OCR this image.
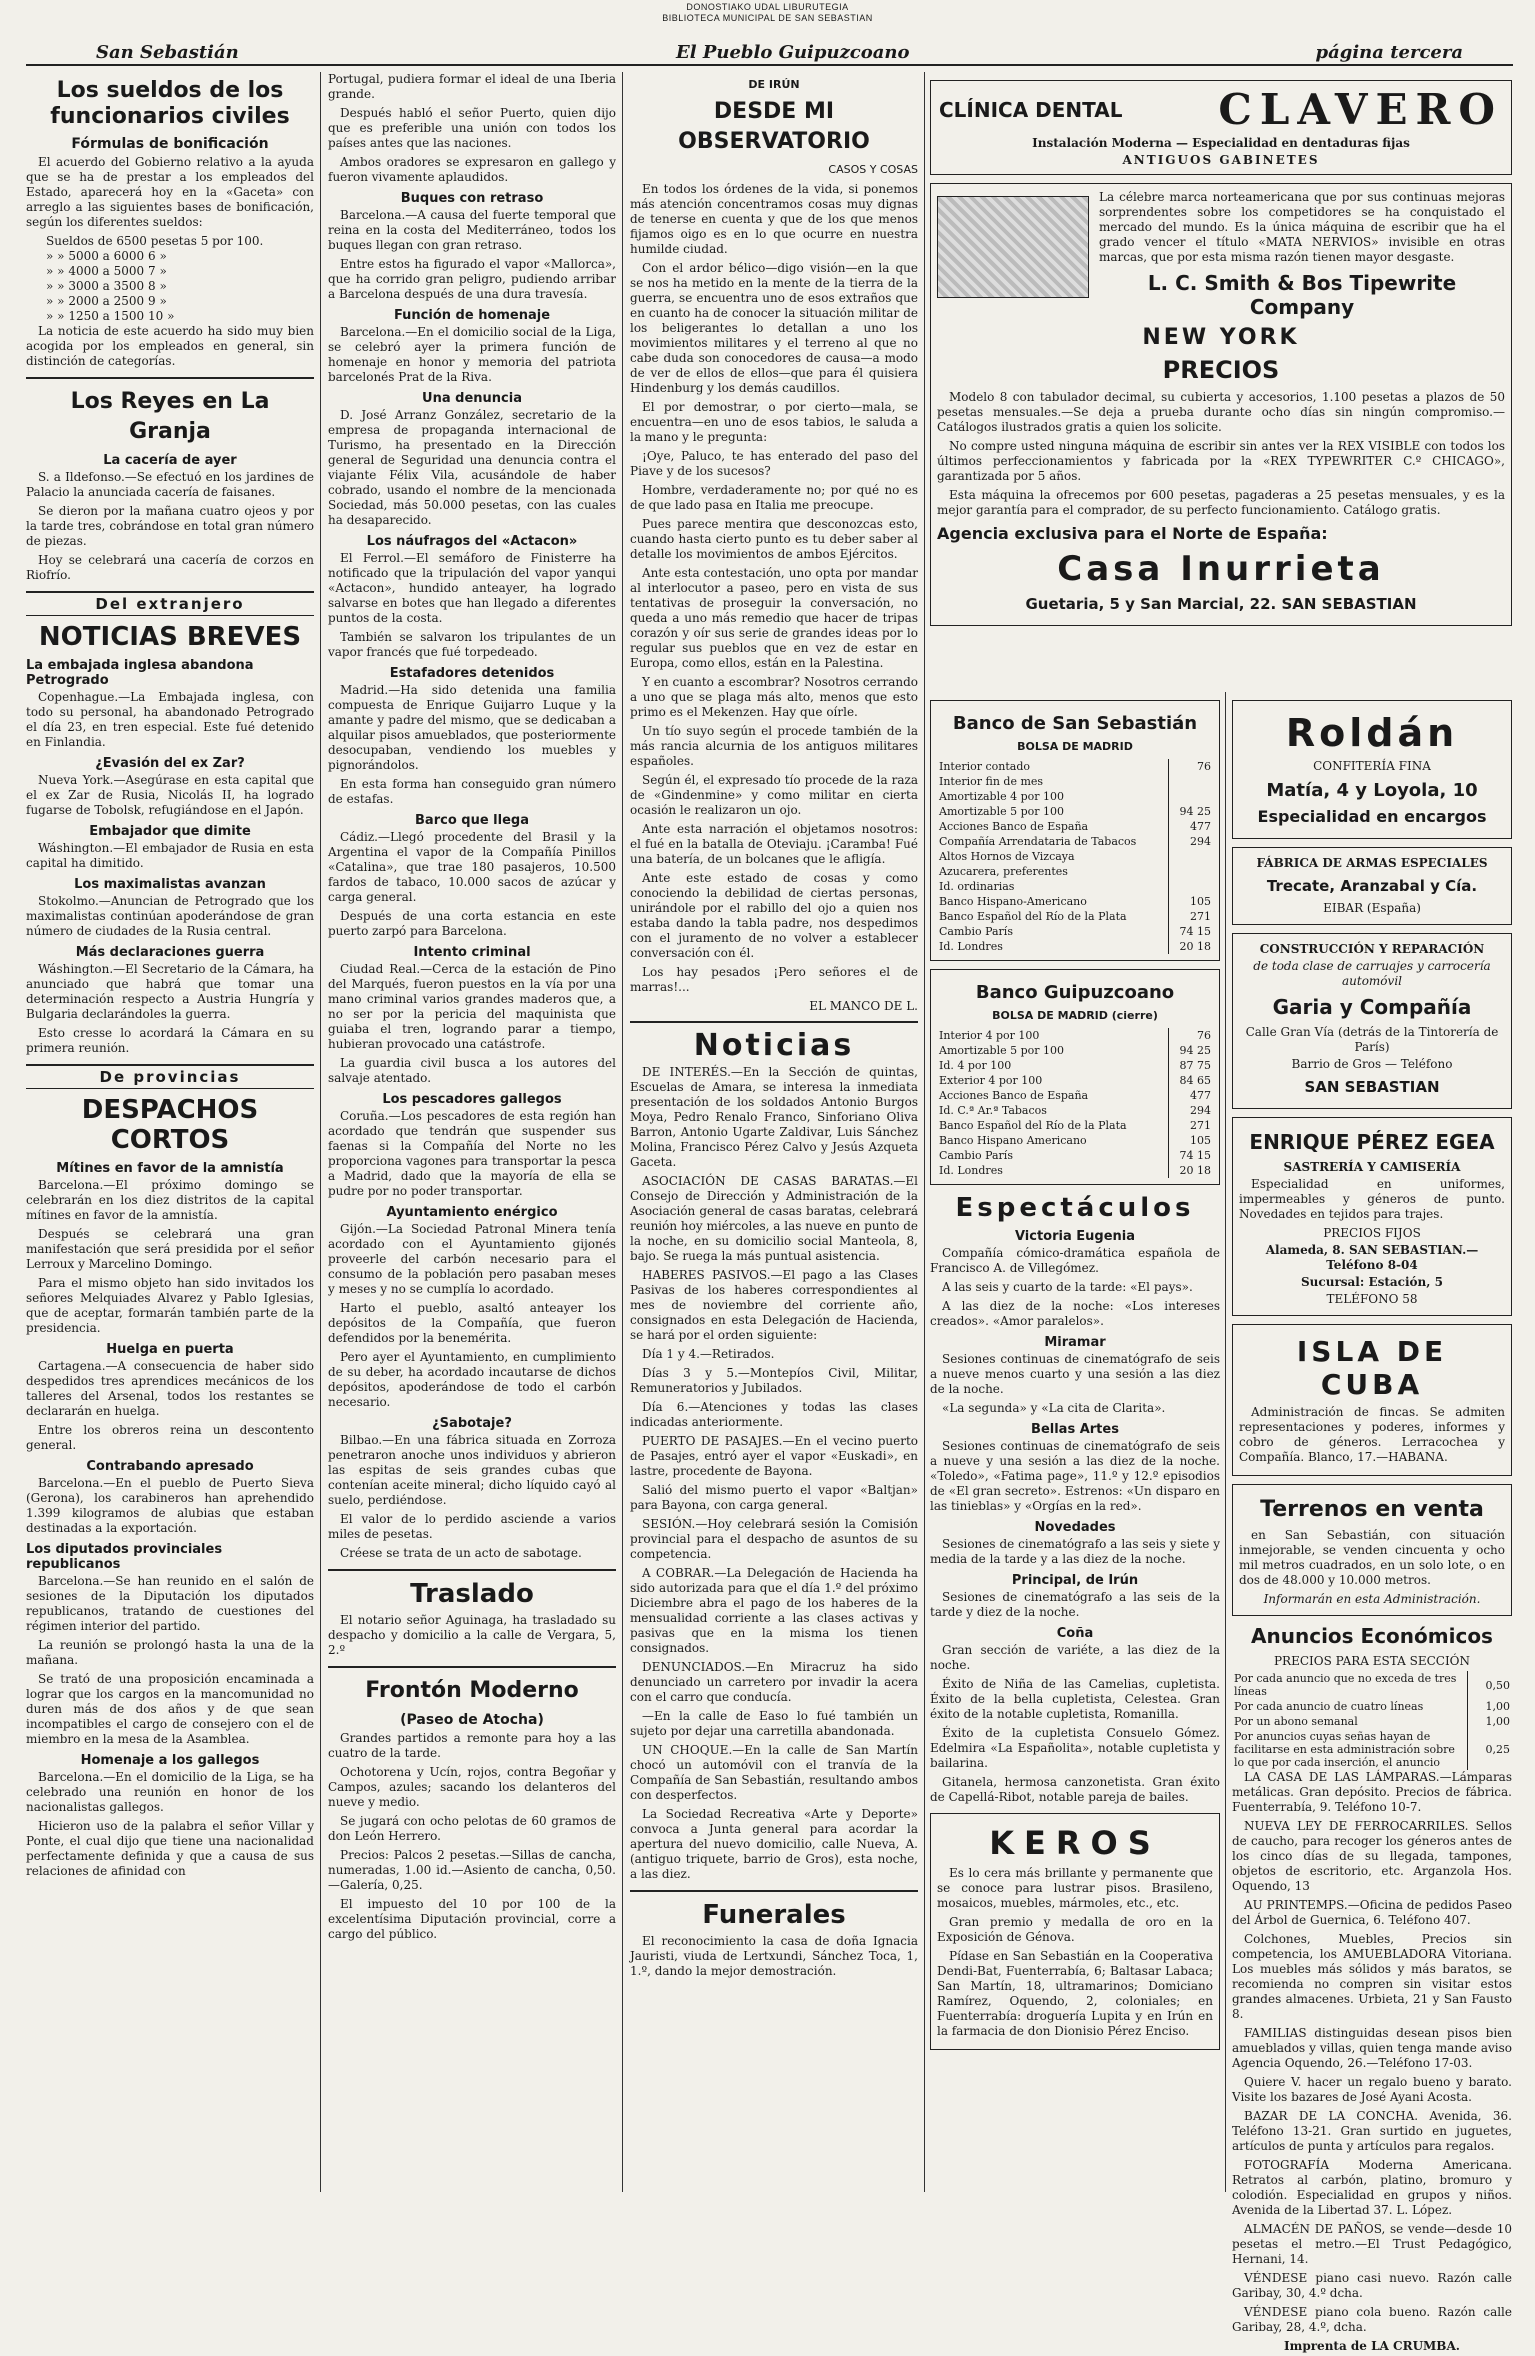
DONOSTIAKO UDAL LIBURUTEGIA
BIBLIOTECA MUNICIPAL DE SAN SEBASTIAN
San Sebastián	El Pueblo Guipuzcoano	página tercera
Los sueldos de los funcionarios civiles
Fórmulas de bonificación

El acuerdo del Gobierno relativo a la ayuda que se ha de prestar a los empleados del Estado, aparecerá hoy en la «Gaceta» con arreglo a las siguientes bases de bonificación, según los diferentes sueldos:

Sueldos de 6500 pesetas 5 por 100.
» » 5000 a 6000 6 »
» » 4000 a 5000 7 »
» » 3000 a 3500 8 »
» » 2000 a 2500 9 »
» » 1250 a 1500 10 »

La noticia de este acuerdo ha sido muy bien acogida por los empleados en general, sin distinción de categorías.

Los Reyes en La Granja
La cacería de ayer

S. a Ildefonso.—Se efectuó en los jardines de Palacio la anunciada cacería de faisanes.

Se dieron por la mañana cuatro ojeos y por la tarde tres, cobrándose en total gran número de piezas.

Hoy se celebrará una cacería de corzos en Riofrío.

Del extranjero
NOTICIAS BREVES
La embajada inglesa abandona Petrogrado

Copenhague.—La Embajada inglesa, con todo su personal, ha abandonado Petrogrado el día 23, en tren especial. Este fué detenido en Finlandia.

¿Evasión del ex Zar?

Nueva York.—Asegúrase en esta capital que el ex Zar de Rusia, Nicolás II, ha logrado fugarse de Tobolsk, refugiándose en el Japón.

Embajador que dimite

Wáshington.—El embajador de Rusia en esta capital ha dimitido.

Los maximalistas avanzan

Stokolmo.—Anuncian de Petrogrado que los maximalistas continúan apoderándose de gran número de ciudades de la Rusia central.

Más declaraciones guerra

Wáshington.—El Secretario de la Cámara, ha anunciado que habrá que tomar una determinación respecto a Austria Hungría y Bulgaria declarándoles la guerra.

Esto cresse lo acordará la Cámara en su primera reunión.

De provincias
DESPACHOS CORTOS
Mítines en favor de la amnistía

Barcelona.—El próximo domingo se celebrarán en los diez distritos de la capital mítines en favor de la amnistía.

Después se celebrará una gran manifestación que será presidida por el señor Lerroux y Marcelino Domingo.

Para el mismo objeto han sido invitados los señores Melquiades Alvarez y Pablo Iglesias, que de aceptar, formarán también parte de la presidencia.

Huelga en puerta

Cartagena.—A consecuencia de haber sido despedidos tres aprendices mecánicos de los talleres del Arsenal, todos los restantes se declararán en huelga.

Entre los obreros reina un descontento general.

Contrabando apresado

Barcelona.—En el pueblo de Puerto Sieva (Gerona), los carabineros han aprehendido 1.399 kilogramos de alubias que estaban destinadas a la exportación.

Los diputados provinciales republicanos

Barcelona.—Se han reunido en el salón de sesiones de la Diputación los diputados republicanos, tratando de cuestiones del régimen interior del partido.

La reunión se prolongó hasta la una de la mañana.

Se trató de una proposición encaminada a lograr que los cargos en la mancomunidad no duren más de dos años y de que sean incompatibles el cargo de consejero con el de miembro en la mesa de la Asamblea.

Homenaje a los gallegos

Barcelona.—En el domicilio de la Liga, se ha celebrado una reunión en honor de los nacionalistas gallegos.

Hicieron uso de la palabra el señor Villar y Ponte, el cual dijo que tiene una nacionalidad perfectamente definida y que a causa de sus relaciones de afinidad con

Portugal, pudiera formar el ideal de una Iberia grande.

Después habló el señor Puerto, quien dijo que es preferible una unión con todos los países antes que las naciones.

Ambos oradores se expresaron en gallego y fueron vivamente aplaudidos.

Buques con retraso

Barcelona.—A causa del fuerte temporal que reina en la costa del Mediterráneo, todos los buques llegan con gran retraso.

Entre estos ha figurado el vapor «Mallorca», que ha corrido gran peligro, pudiendo arribar a Barcelona después de una dura travesía.

Función de homenaje

Barcelona.—En el domicilio social de la Liga, se celebró ayer la primera función de homenaje en honor y memoria del patriota barcelonés Prat de la Riva.

Una denuncia

D. José Arranz González, secretario de la empresa de propaganda internacional de Turismo, ha presentado en la Dirección general de Seguridad una denuncia contra el viajante Félix Vila, acusándole de haber cobrado, usando el nombre de la mencionada Sociedad, más 50.000 pesetas, con las cuales ha desaparecido.

Los náufragos del «Actacon»

El Ferrol.—El semáforo de Finisterre ha notificado que la tripulación del vapor yanqui «Actacon», hundido anteayer, ha logrado salvarse en botes que han llegado a diferentes puntos de la costa.

También se salvaron los tripulantes de un vapor francés que fué torpedeado.

Estafadores detenidos

Madrid.—Ha sido detenida una familia compuesta de Enrique Guijarro Luque y la amante y padre del mismo, que se dedicaban a alquilar pisos amueblados, que posteriormente desocupaban, vendiendo los muebles y pignorándolos.

En esta forma han conseguido gran número de estafas.

Barco que llega

Cádiz.—Llegó procedente del Brasil y la Argentina el vapor de la Compañía Pinillos «Catalina», que trae 180 pasajeros, 10.500 fardos de tabaco, 10.000 sacos de azúcar y carga general.

Después de una corta estancia en este puerto zarpó para Barcelona.

Intento criminal

Ciudad Real.—Cerca de la estación de Pino del Marqués, fueron puestos en la vía por una mano criminal varios grandes maderos que, a no ser por la pericia del maquinista que guiaba el tren, logrando parar a tiempo, hubieran provocado una catástrofe.

La guardia civil busca a los autores del salvaje atentado.

Los pescadores gallegos

Coruña.—Los pescadores de esta región han acordado que tendrán que suspender sus faenas si la Compañía del Norte no les proporciona vagones para transportar la pesca a Madrid, dado que la mayoría de ella se pudre por no poder transportar.

Ayuntamiento enérgico

Gijón.—La Sociedad Patronal Minera tenía acordado con el Ayuntamiento gijonés proveerle del carbón necesario para el consumo de la población pero pasaban meses y meses y no se cumplía lo acordado.

Harto el pueblo, asaltó anteayer los depósitos de la Compañía, que fueron defendidos por la benemérita.

Pero ayer el Ayuntamiento, en cumplimiento de su deber, ha acordado incautarse de dichos depósitos, apoderándose de todo el carbón necesario.

¿Sabotaje?

Bilbao.—En una fábrica situada en Zorroza penetraron anoche unos individuos y abrieron las espitas de seis grandes cubas que contenían aceite mineral; dicho líquido cayó al suelo, perdiéndose.

El valor de lo perdido asciende a varios miles de pesetas.

Créese se trata de un acto de sabotage.

Traslado

El notario señor Aguinaga, ha trasladado su despacho y domicilio a la calle de Vergara, 5, 2.º

Frontón Moderno
(Paseo de Atocha)

Grandes partidos a remonte para hoy a las cuatro de la tarde.

Ochotorena y Ucín, rojos, contra Begoñar y Campos, azules; sacando los delanteros del nueve y medio.

Se jugará con ocho pelotas de 60 gramos de don León Herrero.

Precios: Palcos 2 pesetas.—Sillas de cancha, numeradas, 1.00 id.—Asiento de cancha, 0,50.—Galería, 0,25.

El impuesto del 10 por 100 de la excelentísima Diputación provincial, corre a cargo del público.

DE IRÚN
DESDE MI OBSERVATORIO
CASOS Y COSAS

En todos los órdenes de la vida, si ponemos más atención concentramos cosas muy dignas de tenerse en cuenta y que de los que menos fijamos oigo es en lo que ocurre en nuestra humilde ciudad.

Con el ardor bélico—digo visión—en la que se nos ha metido en la mente de la tierra de la guerra, se encuentra uno de esos extraños que en cuanto ha de conocer la situación militar de los beligerantes lo detallan a uno los movimientos militares y el terreno al que no cabe duda son conocedores de causa—a modo de ver de ellos de ellos—que para él quisiera Hindenburg y los demás caudillos.

El por demostrar, o por cierto—mala, se encuentra—en uno de esos tabios, le saluda a la mano y le pregunta:

¡Oye, Paluco, te has enterado del paso del Piave y de los sucesos?

Hombre, verdaderamente no; por qué no es de que lado pasa en Italia me preocupe.

Pues parece mentira que desconozcas esto, cuando hasta cierto punto es tu deber saber al detalle los movimientos de ambos Ejércitos.

Ante esta contestación, uno opta por mandar al interlocutor a paseo, pero en vista de sus tentativas de proseguir la conversación, no queda a uno más remedio que hacer de tripas corazón y oír sus serie de grandes ideas por lo regular sus pueblos que en vez de estar en Europa, como ellos, están en la Palestina.

Y en cuanto a escombrar? Nosotros cerrando a uno que se plaga más alto, menos que esto primo es el Mekenzen. Hay que oírle.

Un tío suyo según el procede también de la más rancia alcurnia de los antiguos militares españoles.

Según él, el expresado tío procede de la raza de «Gindenmine» y como militar en cierta ocasión le realizaron un ojo.

Ante esta narración el objetamos nosotros: el fué en la batalla de Oteviaju. ¡Caramba! Fué una batería, de un bolcanes que le afligía.

Ante este estado de cosas y como conociendo la debilidad de ciertas personas, unirándole por el rabillo del ojo a quien nos estaba dando la tabla padre, nos despedimos con el juramento de no volver a establecer conversación con él.

Los hay pesados ¡Pero señores el de marras!...

EL MANCO DE L.
Noticias

DE INTERÉS.—En la Sección de quintas, Escuelas de Amara, se interesa la inmediata presentación de los soldados Antonio Burgos Moya, Pedro Renalo Franco, Sinforiano Oliva Barron, Antonio Ugarte Zaldivar, Luis Sánchez Molina, Francisco Pérez Calvo y Jesús Azqueta Gaceta.

ASOCIACIÓN DE CASAS BARATAS.—El Consejo de Dirección y Administración de la Asociación general de casas baratas, celebrará reunión hoy miércoles, a las nueve en punto de la noche, en su domicilio social Manteola, 8, bajo. Se ruega la más puntual asistencia.

HABERES PASIVOS.—El pago a las Clases Pasivas de los haberes correspondientes al mes de noviembre del corriente año, consignados en esta Delegación de Hacienda, se hará por el orden siguiente:

Día 1 y 4.—Retirados.

Días 3 y 5.—Montepíos Civil, Militar, Remuneratorios y Jubilados.

Día 6.—Atenciones y todas las clases indicadas anteriormente.

PUERTO DE PASAJES.—En el vecino puerto de Pasajes, entró ayer el vapor «Euskadi», en lastre, procedente de Bayona.

Salió del mismo puerto el vapor «Baltjan» para Bayona, con carga general.

SESIÓN.—Hoy celebrará sesión la Comisión provincial para el despacho de asuntos de su competencia.

A COBRAR.—La Delegación de Hacienda ha sido autorizada para que el día 1.º del próximo Diciembre abra el pago de los haberes de la mensualidad corriente a las clases activas y pasivas que en la misma los tienen consignados.

DENUNCIADOS.—En Miracruz ha sido denunciado un carretero por invadir la acera con el carro que conducía.

—En la calle de Easo lo fué también un sujeto por dejar una carretilla abandonada.

UN CHOQUE.—En la calle de San Martín chocó un automóvil con el tranvía de la Compañía de San Sebastián, resultando ambos con desperfectos.

La Sociedad Recreativa «Arte y Deporte» convoca a Junta general para acordar la apertura del nuevo domicilio, calle Nueva, A. (antiguo triquete, barrio de Gros), esta noche, a las diez.

Funerales

El reconocimiento la casa de doña Ignacia Jauristi, viuda de Lertxundi, Sánchez Toca, 1, 1.º, dando la mejor demostración.

CLÍNICA DENTAL CLAVERO
Instalación Moderna — Especialidad en dentaduras fijas
ANTIGUOS GABINETES

La célebre marca norteamericana que por sus continuas mejoras sorprendentes sobre los competidores se ha conquistado el mercado del mundo. Es la única máquina de escribir que ha el grado vencer el título «MATA NERVIOS» invisible en otras marcas, que por esta misma razón tienen mayor desgaste.

L. C. Smith & Bos Tipewrite Company
NEW YORK
PRECIOS

Modelo 8 con tabulador decimal, su cubierta y accesorios, 1.100 pesetas a plazos de 50 pesetas mensuales.—Se deja a prueba durante ocho días sin ningún compromiso.—Catálogos ilustrados gratis a quien los solicite.

No compre usted ninguna máquina de escribir sin antes ver la REX VISIBLE con todos los últimos perfeccionamientos y fabricada por la «REX TYPEWRITER C.º CHICAGO», garantizada por 5 años.

Esta máquina la ofrecemos por 600 pesetas, pagaderas a 25 pesetas mensuales, y es la mejor garantía para el comprador, de su perfecto funcionamiento. Catálogo gratis.

Agencia exclusiva para el Norte de España:
Casa Inurrieta
Guetaria, 5 y San Marcial, 22. SAN SEBASTIAN
Banco de San Sebastián
BOLSA DE MADRID
Interior contado	76
Interior fin de mes	
Amortizable 4 por 100	
Amortizable 5 por 100	94 25
Acciones Banco de España	477
Compañía Arrendataria de Tabacos	294
Altos Hornos de Vizcaya	
Azucarera, preferentes	
Id. ordinarias	
Banco Hispano-Americano	105
Banco Español del Río de la Plata	271
Cambio París	74 15
Id. Londres	20 18
Banco Guipuzcoano
BOLSA DE MADRID (cierre)
Interior 4 por 100	76
Amortizable 5 por 100	94 25
Id. 4 por 100	87 75
Exterior 4 por 100	84 65
Acciones Banco de España	477
Id. C.ª Ar.ª Tabacos	294
Banco Español del Río de la Plata	271
Banco Hispano Americano	105
Cambio París	74 15
Id. Londres	20 18
Espectáculos
Victoria Eugenia

Compañía cómico-dramática española de Francisco A. de Villegómez.

A las seis y cuarto de la tarde: «El pays».

A las diez de la noche: «Los intereses creados». «Amor paralelos».

Miramar

Sesiones continuas de cinematógrafo de seis a nueve menos cuarto y una sesión a las diez de la noche.

«La segunda» y «La cita de Clarita».

Bellas Artes

Sesiones continuas de cinematógrafo de seis a nueve y una sesión a las diez de la noche. «Toledo», «Fatima page», 11.º y 12.º episodios de «El gran secreto». Estrenos: «Un disparo en las tinieblas» y «Orgías en la red».

Novedades

Sesiones de cinematógrafo a las seis y siete y media de la tarde y a las diez de la noche.

Principal, de Irún

Sesiones de cinematógrafo a las seis de la tarde y diez de la noche.

Coña

Gran sección de variéte, a las diez de la noche.

Éxito de Niña de las Camelias, cupletista. Éxito de la bella cupletista, Celestea. Gran éxito de la notable cupletista, Romanilla.

Éxito de la cupletista Consuelo Gómez. Edelmira «La Españolita», notable cupletista y bailarina.

Gitanela, hermosa canzonetista. Gran éxito de Capellá-Ribot, notable pareja de bailes.

KEROS

Es lo cera más brillante y permanente que se conoce para lustrar pisos. Brasileno, mosaicos, muebles, mármoles, etc., etc.

Gran premio y medalla de oro en la Exposición de Génova.

Pídase en San Sebastián en la Cooperativa Dendi-Bat, Fuenterrabía, 6; Baltasar Labaca; San Martín, 18, ultramarinos; Domiciano Ramírez, Oquendo, 2, coloniales; en Fuenterrabía: droguería Lupita y en Irún en la farmacia de don Dionisio Pérez Enciso.

Roldán
CONFITERÍA FINA
Matía, 4 y Loyola, 10
Especialidad en encargos
FÁBRICA DE ARMAS ESPECIALES
Trecate, Aranzabal y Cía.
EIBAR (España)
CONSTRUCCIÓN Y REPARACIÓN
de toda clase de carruajes y carrocería automóvil
Garia y Compañía
Calle Gran Vía (detrás de la Tintorería de París)
Barrio de Gros — Teléfono
SAN SEBASTIAN
ENRIQUE PÉREZ EGEA
SASTRERÍA Y CAMISERÍA

Especialidad en uniformes, impermeables y géneros de punto. Novedades en tejidos para trajes.

PRECIOS FIJOS
Alameda, 8. SAN SEBASTIAN.—Teléfono 8-04
Sucursal: Estación, 5
TELÉFONO 58
ISLA DE CUBA

Administración de fincas. Se admiten representaciones y poderes, informes y cobro de géneros. Lerracochea y Compañía. Blanco, 17.—HABANA.

Terrenos en venta

en San Sebastián, con situación inmejorable, se venden cincuenta y ocho mil metros cuadrados, en un solo lote, o en dos de 48.000 y 10.000 metros.

Informarán en esta Administración.
Anuncios Económicos
PRECIOS PARA ESTA SECCIÓN
Por cada anuncio que no exceda de tres líneas	0,50
Por cada anuncio de cuatro líneas	1,00
Por un abono semanal	1,00
Por anuncios cuyas señas hayan de facilitarse en esta administración sobre lo que por cada inserción, el anuncio	0,25

LA CASA DE LAS LÁMPARAS.—Lámparas metálicas. Gran depósito. Precios de fábrica. Fuenterrabía, 9. Teléfono 10-7.

NUEVA LEY DE FERROCARRILES. Sellos de caucho, para recoger los géneros antes de los cinco días de su llegada, tampones, objetos de escritorio, etc. Arganzola Hos. Oquendo, 13

AU PRINTEMPS.—Oficina de pedidos Paseo del Árbol de Guernica, 6. Teléfono 407.

Colchones, Muebles, Precios sin competencia, los AMUEBLADORA Vitoriana. Los muebles más sólidos y más baratos, se recomienda no compren sin visitar estos grandes almacenes. Urbieta, 21 y San Fausto 8.

FAMILIAS distinguidas desean pisos bien amueblados y villas, quien tenga mande aviso Agencia Oquendo, 26.—Teléfono 17-03.

Quiere V. hacer un regalo bueno y barato. Visite los bazares de José Ayani Acosta.

BAZAR DE LA CONCHA. Avenida, 36. Teléfono 13-21. Gran surtido en juguetes, artículos de punta y artículos para regalos.

FOTOGRAFÍA Moderna Americana. Retratos al carbón, platino, bromuro y colodión. Especialidad en grupos y niños. Avenida de la Libertad 37. L. López.

ALMACÉN DE PAÑOS, se vende—desde 10 pesetas el metro.—El Trust Pedagógico, Hernani, 14.

VÉNDESE piano casi nuevo. Razón calle Garibay, 30, 4.º dcha.

VÉNDESE piano cola bueno. Razón calle Garibay, 28, 4.º, dcha.

Imprenta de LA CRUMBA.
